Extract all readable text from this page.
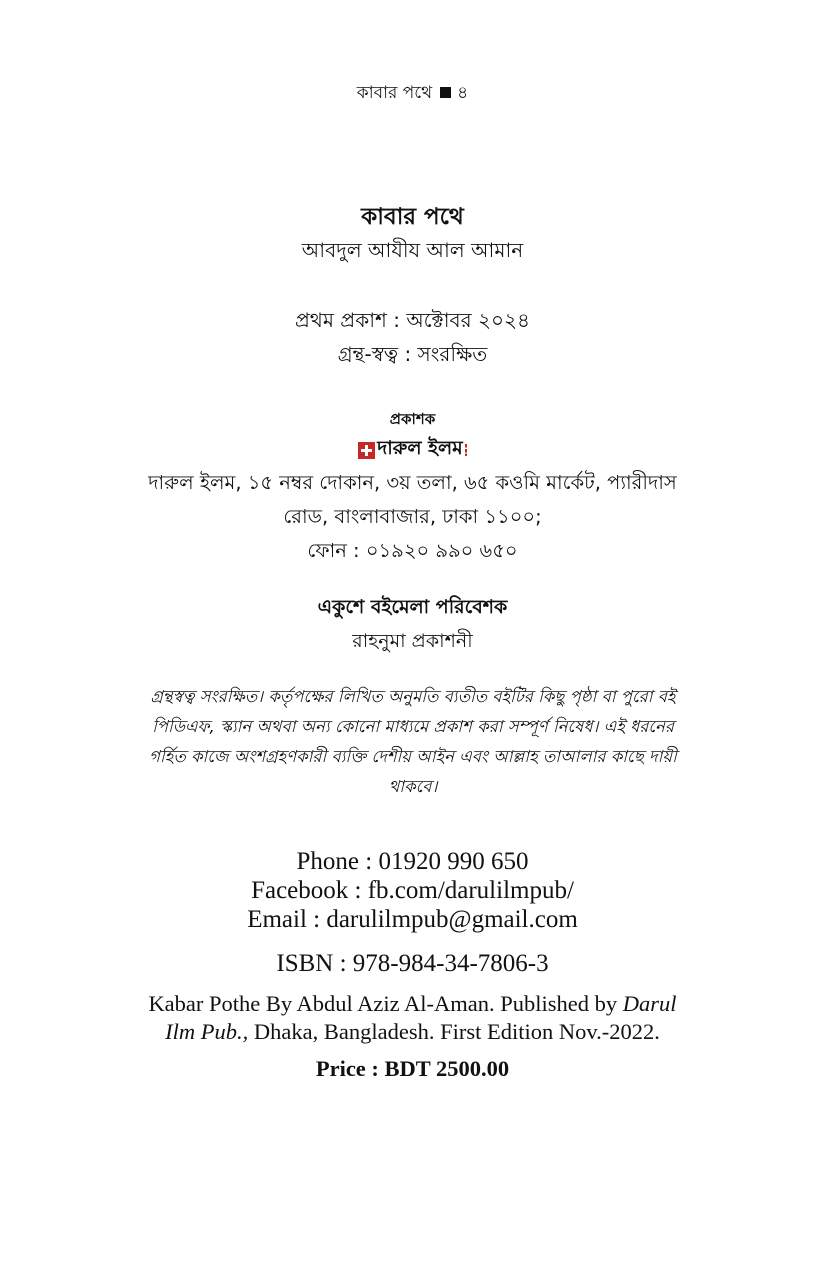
কাবার পথে ৪
কাবার পথে
আবদুল আযীয আল আমান
প্রথম প্রকাশ : অক্টোবর ২০২৪
গ্রন্থ-স্বত্ব : সংরক্ষিত
প্রকাশক
দারুল ইলম
দারুল ইলম, ১৫ নম্বর দোকান, ৩য় তলা, ৬৫ কওমি মার্কেট, প্যারীদাস
রোড, বাংলাবাজার, ঢাকা ১১০০;
ফোন : ০১৯২০ ৯৯০ ৬৫০
একুশে বইমেলা পরিবেশক
রাহনুমা প্রকাশনী
গ্রন্থস্বত্ব সংরক্ষিত। কর্তৃপক্ষের লিখিত অনুমতি ব্যতীত বইটির কিছু পৃষ্ঠা বা পুরো বই
পিডিএফ, স্ক্যান অথবা অন্য কোনো মাধ্যমে প্রকাশ করা সম্পূর্ণ নিষেধ। এই ধরনের
গর্হিত কাজে অংশগ্রহণকারী ব্যক্তি দেশীয় আইন এবং আল্লাহ তাআলার কাছে দায়ী
থাকবে।
Phone : 01920 990 650
Facebook : fb.com/darulilmpub/
Email : darulilmpub@gmail.com
ISBN : 978-984-34-7806-3
Kabar Pothe By Abdul Aziz Al-Aman. Published by Darul
Ilm Pub., Dhaka, Bangladesh. First Edition Nov.-2022.
Price : BDT 2500.00
